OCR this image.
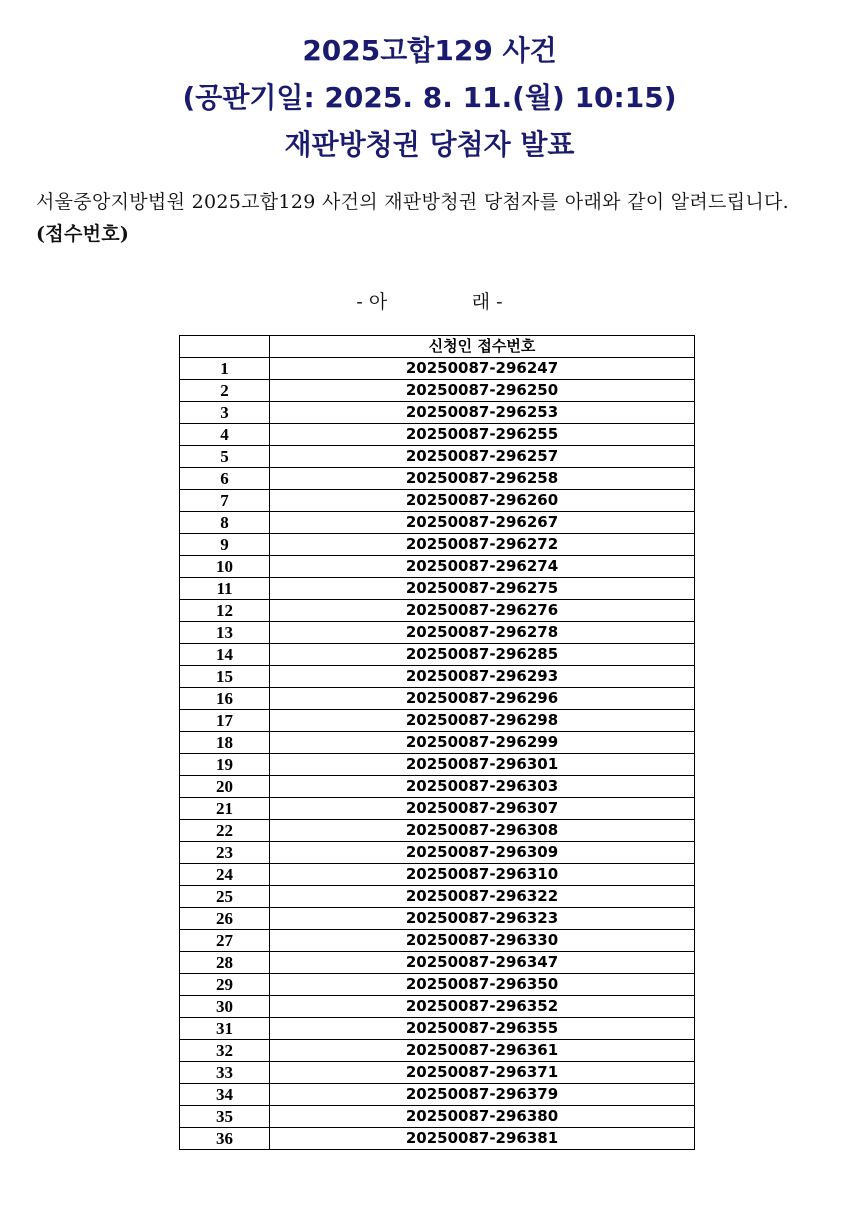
2025고합129 사건
(공판기일: 2025. 8. 11.(월) 10:15)
재판방청권 당첨자 발표

서울중앙지방법원 2025고합129 사건의 재판방청권 당첨자를 아래와 같이 알려드립니다. (접수번호)

- 아	래 -
	신청인 접수번호
1	20250087-296247
2	20250087-296250
3	20250087-296253
4	20250087-296255
5	20250087-296257
6	20250087-296258
7	20250087-296260
8	20250087-296267
9	20250087-296272
10	20250087-296274
11	20250087-296275
12	20250087-296276
13	20250087-296278
14	20250087-296285
15	20250087-296293
16	20250087-296296
17	20250087-296298
18	20250087-296299
19	20250087-296301
20	20250087-296303
21	20250087-296307
22	20250087-296308
23	20250087-296309
24	20250087-296310
25	20250087-296322
26	20250087-296323
27	20250087-296330
28	20250087-296347
29	20250087-296350
30	20250087-296352
31	20250087-296355
32	20250087-296361
33	20250087-296371
34	20250087-296379
35	20250087-296380
36	20250087-296381
